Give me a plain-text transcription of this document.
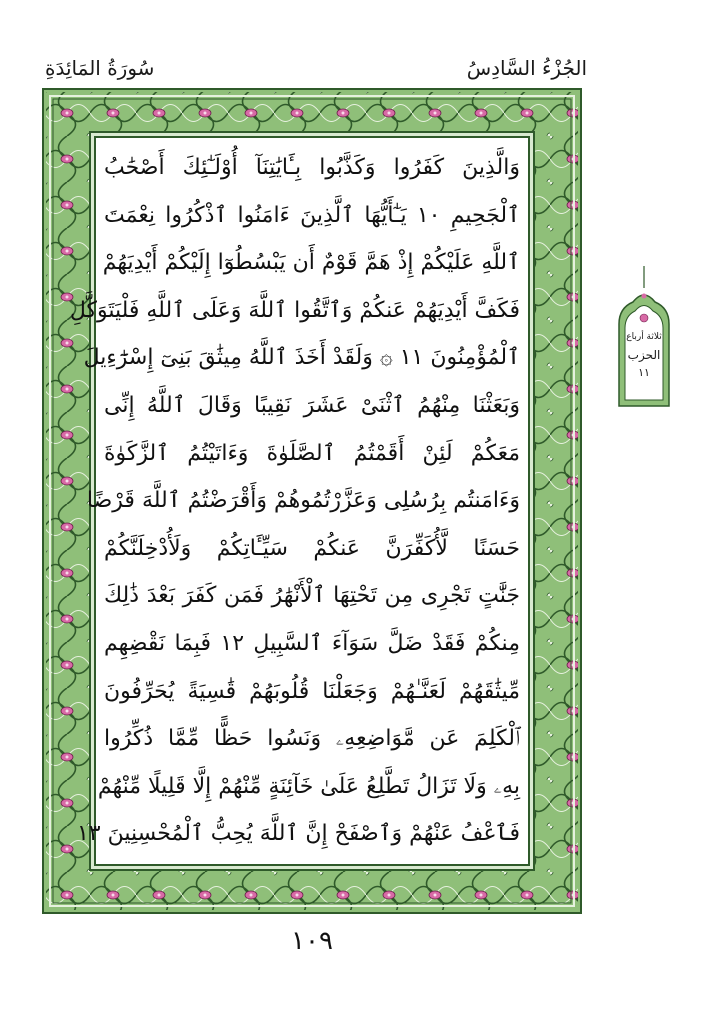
سُورَةُ المَائِدَةِ	الجُزْءُ السَّادِسُ
وَالَّذِينَ كَفَرُوا وَكَذَّبُوا بِـَٔايَٰتِنَآ أُوْلَـٰٓئِكَ أَصْحَٰبُ
ٱلْجَحِيمِ ١٠ يَـٰٓأَيُّهَا ٱلَّذِينَ ءَامَنُوا ٱذْكُرُوا نِعْمَتَ
ٱللَّهِ عَلَيْكُمْ إِذْ هَمَّ قَوْمٌ أَن يَبْسُطُوٓا إِلَيْكُمْ أَيْدِيَهُمْ
فَكَفَّ أَيْدِيَهُمْ عَنكُمْ وَٱتَّقُوا ٱللَّهَ وَعَلَى ٱللَّهِ فَلْيَتَوَكَّلِ
ٱلْمُؤْمِنُونَ ١١ ۞ وَلَقَدْ أَخَذَ ٱللَّهُ مِيثَٰقَ بَنِىٓ إِسْرَٰٓءِيلَ
وَبَعَثْنَا مِنْهُمُ ٱثْنَىْ عَشَرَ نَقِيبًا وَقَالَ ٱللَّهُ إِنِّى
مَعَكُمْ لَئِنْ أَقَمْتُمُ ٱلصَّلَوٰةَ وَءَاتَيْتُمُ ٱلزَّكَوٰةَ
وَءَامَنتُم بِرُسُلِى وَعَزَّرْتُمُوهُمْ وَأَقْرَضْتُمُ ٱللَّهَ قَرْضًا
حَسَنًا لَّأُكَفِّرَنَّ عَنكُمْ سَيِّـَٔاتِكُمْ وَلَأُدْخِلَنَّكُمْ
جَنَّٰتٍ تَجْرِى مِن تَحْتِهَا ٱلْأَنْهَٰرُ فَمَن كَفَرَ بَعْدَ ذَٰلِكَ
مِنكُمْ فَقَدْ ضَلَّ سَوَآءَ ٱلسَّبِيلِ ١٢ فَبِمَا نَقْضِهِم
مِّيثَٰقَهُمْ لَعَنَّـٰهُمْ وَجَعَلْنَا قُلُوبَهُمْ قَٰسِيَةً يُحَرِّفُونَ
ٱلْكَلِمَ عَن مَّوَاضِعِهِۦ وَنَسُوا حَظًّا مِّمَّا ذُكِّرُوا
بِهِۦ وَلَا تَزَالُ تَطَّلِعُ عَلَىٰ خَآئِنَةٍ مِّنْهُمْ إِلَّا قَلِيلًا مِّنْهُمْ
فَٱعْفُ عَنْهُمْ وَٱصْفَحْ إِنَّ ٱللَّهَ يُحِبُّ ٱلْمُحْسِنِينَ ١٣
ثلاثة أرباع
الحزب
١١
١٠٩
